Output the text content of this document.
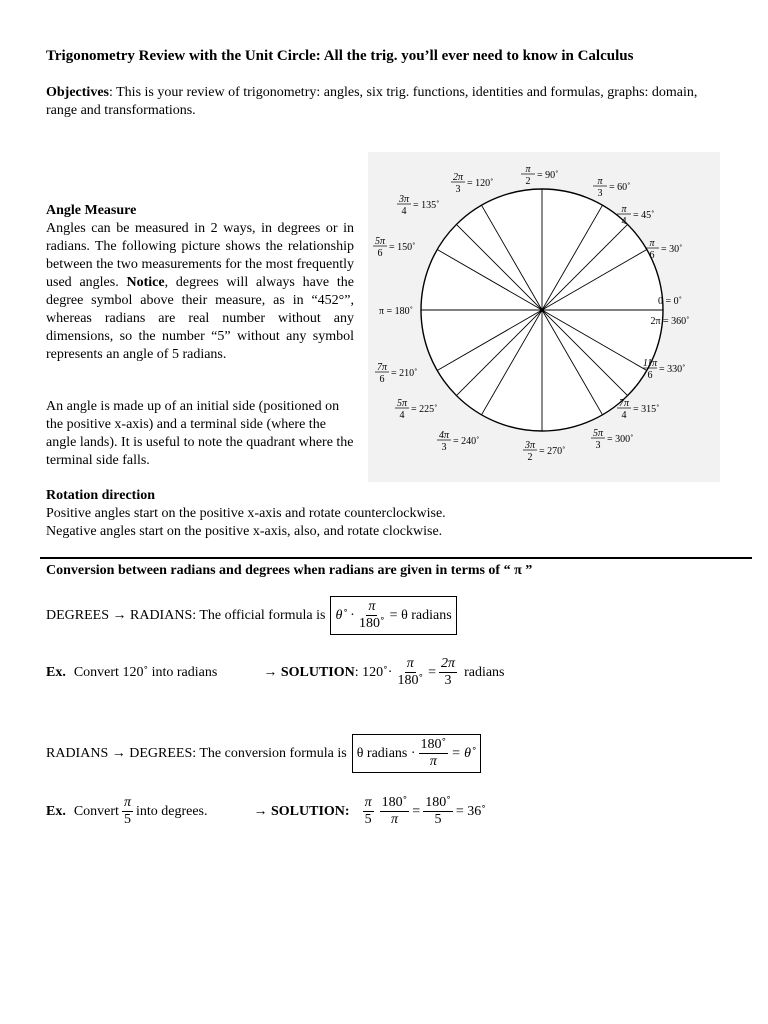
Trigonometry Review with the Unit Circle: All the trig. you’ll ever need to know in Calculus
Objectives: This is your review of trigonometry: angles, six trig. functions, identities and formulas, graphs: domain, range and transformations.
Angle Measure
Angles can be measured in 2 ways, in degrees or in radians. The following picture shows the relationship between the two measurements for the most frequently used angles. Notice, degrees will always have the degree symbol above their measure, as in “452°”, whereas radians are real number without any dimensions, so the number “5” without any symbol represents an angle of 5 radians.
An angle is made up of an initial side (positioned on the positive x-axis) and a terminal side (where the angle lands). It is useful to note the quadrant where the terminal side falls.
π
2
= 90˚
2π
3
= 120˚	π
3
= 60˚
3π
4
= 135˚	π
4
= 45˚
5π
6
= 150˚	π
6
= 30˚
π = 180˚
0 = 0˚
2π = 360˚
7π
6
= 210˚
11π
6
= 330˚
5π
4
= 225˚
7π
4
= 315˚
4π
3
= 240˚
5π
3
= 300˚
3π
2
= 270˚
Rotation direction
Positive angles start on the positive x-axis and rotate counterclockwise.
Negative angles start on the positive x-axis, also, and rotate clockwise.
Conversion between radians and degrees when radians are given in terms of “ π ”
DEGREES → RADIANS: The official formula is θ˚ · $\frac{\pi}{180˚} = \theta$ radians
Ex. Convert 120˚ into radians	→ SOLUTION : 120˚· $\frac{\pi}{180˚} = \frac{2\pi}{3}$ radians
RADIANS → DEGREES: The conversion formula is θ radians · $\frac{180˚}{\pi}$ = θ˚
Ex. Convert $\frac{\pi}{5}$ into degrees.	→ SOLUTION : $\frac{\pi}{5} \frac{180˚}{\pi} = \frac{180˚}{5}$ = 36˚
